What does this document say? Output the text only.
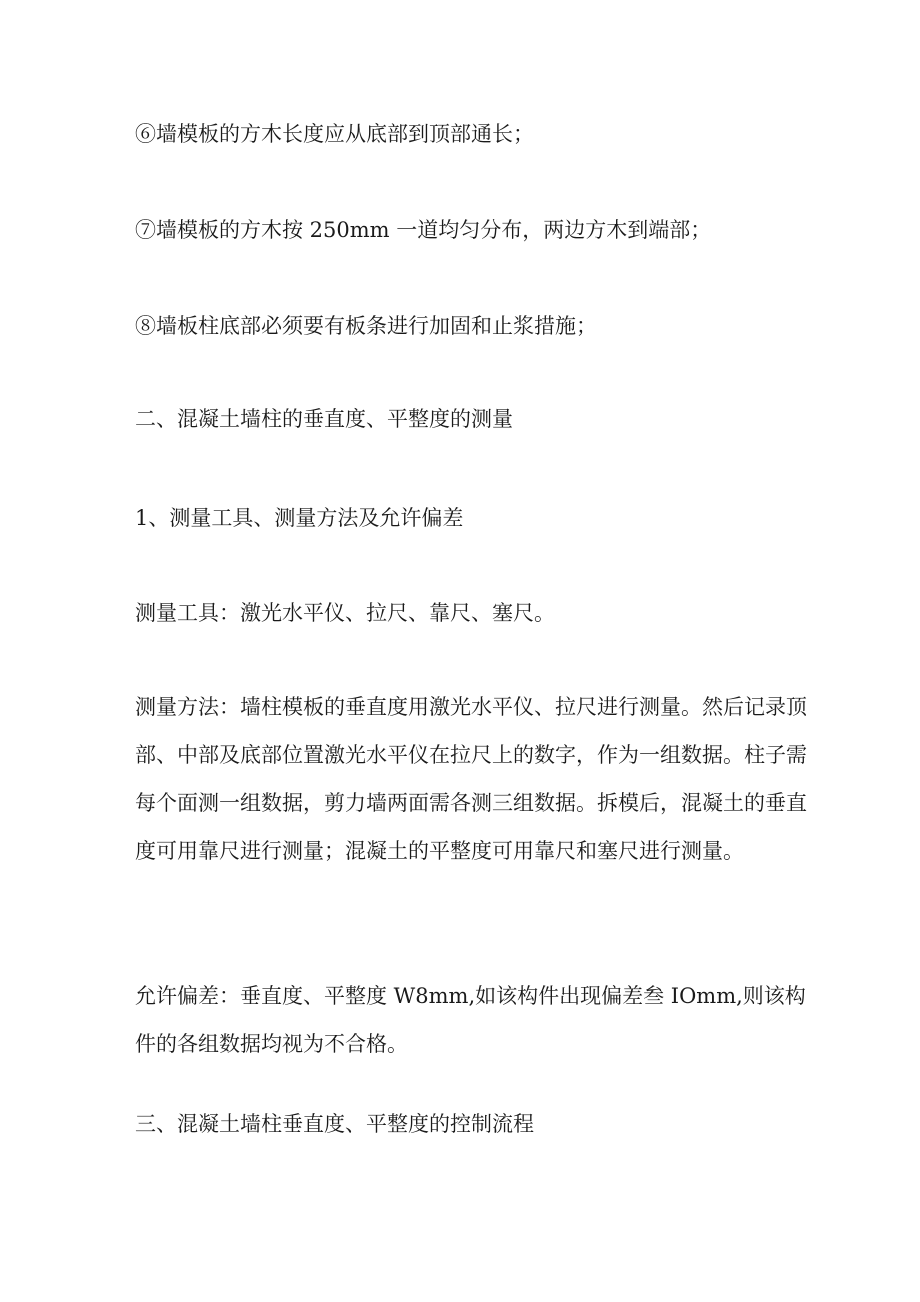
⑥墙模板的方木长度应从底部到顶部通长；

⑦墙模板的方木按 250mm 一道均匀分布，两边方木到端部；

⑧墙板柱底部必须要有板条进行加固和止浆措施；

二、混凝土墙柱的垂直度、平整度的测量

1、测量工具、测量方法及允许偏差

测量工具：激光水平仪、拉尺、靠尺、塞尺。

测量方法：墙柱模板的垂直度用激光水平仪、拉尺进行测量。然后记录顶部、中部及底部位置激光水平仪在拉尺上的数字，作为一组数据。柱子需每个面测一组数据，剪力墙两面需各测三组数据。拆模后，混凝土的垂直度可用靠尺进行测量；混凝土的平整度可用靠尺和塞尺进行测量。

允许偏差：垂直度、平整度 W8mm,如该构件出现偏差叁 IOmm,则该构件的各组数据均视为不合格。

三、混凝土墙柱垂直度、平整度的控制流程
